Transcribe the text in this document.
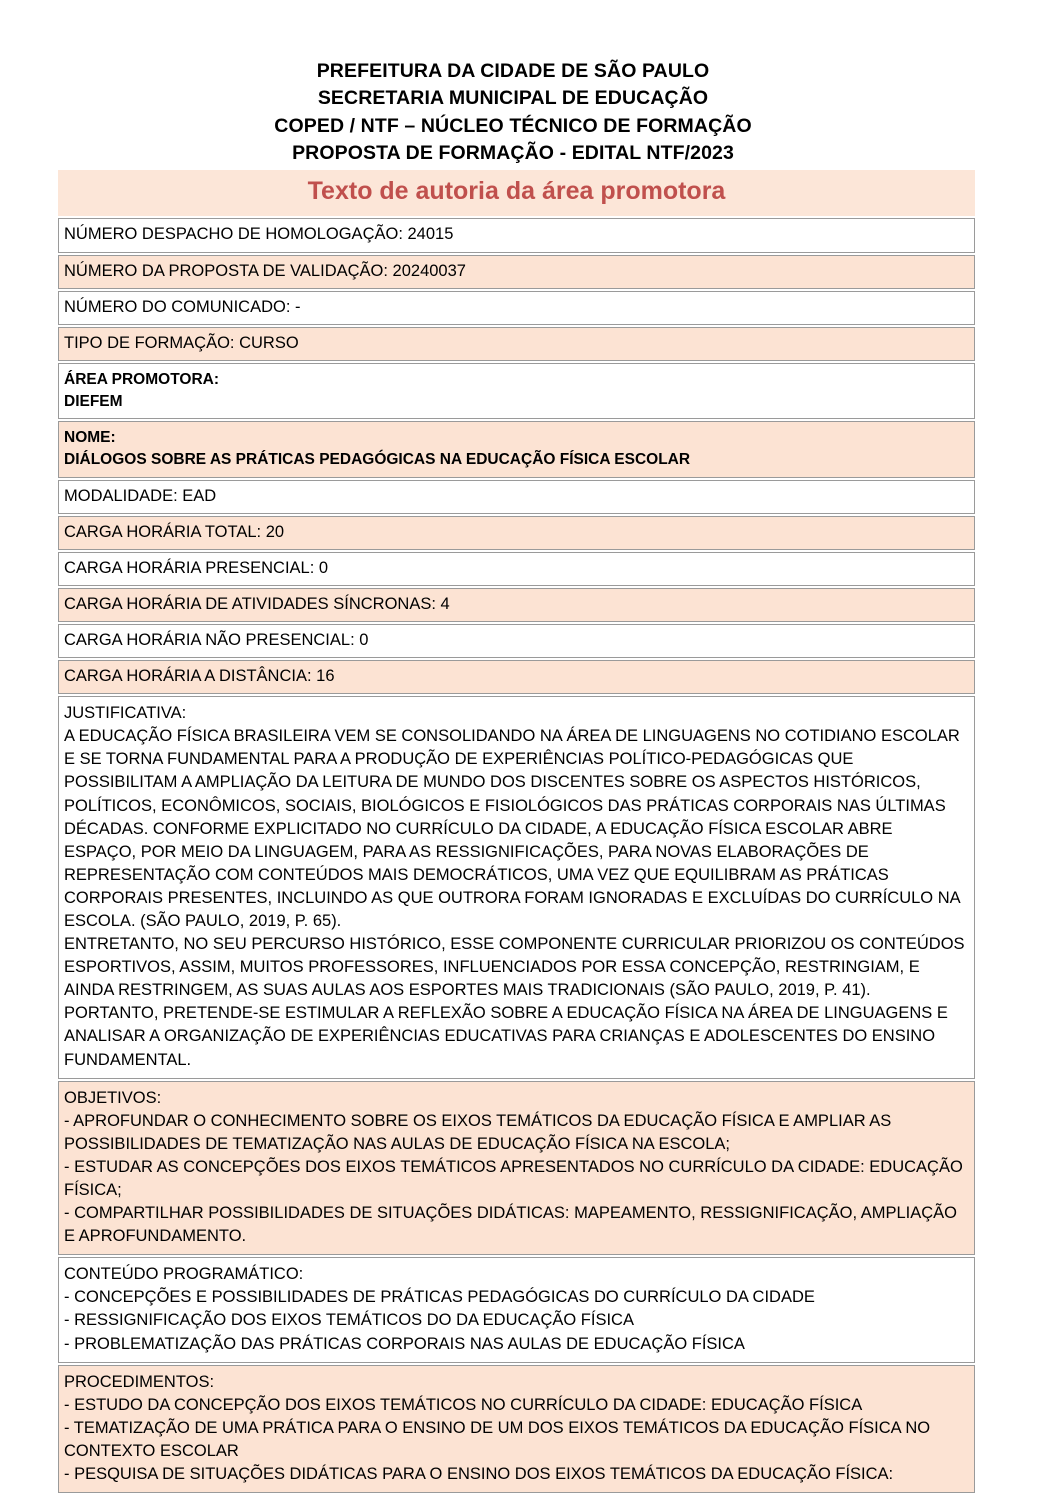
PREFEITURA DA CIDADE DE SÃO PAULO
SECRETARIA MUNICIPAL DE EDUCAÇÃO
COPED / NTF – NÚCLEO TÉCNICO DE FORMAÇÃO
PROPOSTA DE FORMAÇÃO - EDITAL NTF/2023
Texto de autoria da área promotora
NÚMERO DESPACHO DE HOMOLOGAÇÃO: 24015

NÚMERO DA PROPOSTA DE VALIDAÇÃO: 20240037

NÚMERO DO COMUNICADO: -

TIPO DE FORMAÇÃO: CURSO

ÁREA PROMOTORA:
DIEFEM

NOME:
DIÁLOGOS SOBRE AS PRÁTICAS PEDAGÓGICAS NA EDUCAÇÃO FÍSICA ESCOLAR

MODALIDADE: EAD

CARGA HORÁRIA TOTAL: 20

CARGA HORÁRIA PRESENCIAL: 0

CARGA HORÁRIA DE ATIVIDADES SÍNCRONAS: 4

CARGA HORÁRIA NÃO PRESENCIAL: 0

CARGA HORÁRIA A DISTÂNCIA: 16

JUSTIFICATIVA:
A EDUCAÇÃO FÍSICA BRASILEIRA VEM SE CONSOLIDANDO NA ÁREA DE LINGUAGENS NO COTIDIANO ESCOLAR E SE TORNA FUNDAMENTAL PARA A PRODUÇÃO DE EXPERIÊNCIAS POLÍTICO-PEDAGÓGICAS QUE POSSIBILITAM A AMPLIAÇÃO DA LEITURA DE MUNDO DOS DISCENTES SOBRE OS ASPECTOS HISTÓRICOS, POLÍTICOS, ECONÔMICOS, SOCIAIS, BIOLÓGICOS E FISIOLÓGICOS DAS PRÁTICAS CORPORAIS NAS ÚLTIMAS DÉCADAS. CONFORME EXPLICITADO NO CURRÍCULO DA CIDADE, A EDUCAÇÃO FÍSICA ESCOLAR ABRE ESPAÇO, POR MEIO DA LINGUAGEM, PARA AS RESSIGNIFICAÇÕES, PARA NOVAS ELABORAÇÕES DE REPRESENTAÇÃO COM CONTEÚDOS MAIS DEMOCRÁTICOS, UMA VEZ QUE EQUILIBRAM AS PRÁTICAS CORPORAIS PRESENTES, INCLUINDO AS QUE OUTRORA FORAM IGNORADAS E EXCLUÍDAS DO CURRÍCULO NA ESCOLA. (SÃO PAULO, 2019, P. 65).
ENTRETANTO, NO SEU PERCURSO HISTÓRICO, ESSE COMPONENTE CURRICULAR PRIORIZOU OS CONTEÚDOS ESPORTIVOS, ASSIM, MUITOS PROFESSORES, INFLUENCIADOS POR ESSA CONCEPÇÃO, RESTRINGIAM, E AINDA RESTRINGEM, AS SUAS AULAS AOS ESPORTES MAIS TRADICIONAIS (SÃO PAULO, 2019, P. 41). PORTANTO, PRETENDE-SE ESTIMULAR A REFLEXÃO SOBRE A EDUCAÇÃO FÍSICA NA ÁREA DE LINGUAGENS E ANALISAR A ORGANIZAÇÃO DE EXPERIÊNCIAS EDUCATIVAS PARA CRIANÇAS E ADOLESCENTES DO ENSINO FUNDAMENTAL.

OBJETIVOS:
- APROFUNDAR O CONHECIMENTO SOBRE OS EIXOS TEMÁTICOS DA EDUCAÇÃO FÍSICA E AMPLIAR AS POSSIBILIDADES DE TEMATIZAÇÃO NAS AULAS DE EDUCAÇÃO FÍSICA NA ESCOLA;
- ESTUDAR AS CONCEPÇÕES DOS EIXOS TEMÁTICOS APRESENTADOS NO CURRÍCULO DA CIDADE: EDUCAÇÃO FÍSICA;
- COMPARTILHAR POSSIBILIDADES DE SITUAÇÕES DIDÁTICAS: MAPEAMENTO, RESSIGNIFICAÇÃO, AMPLIAÇÃO E APROFUNDAMENTO.

CONTEÚDO PROGRAMÁTICO:
- CONCEPÇÕES E POSSIBILIDADES DE PRÁTICAS PEDAGÓGICAS DO CURRÍCULO DA CIDADE
- RESSIGNIFICAÇÃO DOS EIXOS TEMÁTICOS DO DA EDUCAÇÃO FÍSICA
- PROBLEMATIZAÇÃO DAS PRÁTICAS CORPORAIS NAS AULAS DE EDUCAÇÃO FÍSICA

PROCEDIMENTOS:
- ESTUDO DA CONCEPÇÃO DOS EIXOS TEMÁTICOS NO CURRÍCULO DA CIDADE: EDUCAÇÃO FÍSICA
- TEMATIZAÇÃO DE UMA PRÁTICA PARA O ENSINO DE UM DOS EIXOS TEMÁTICOS DA EDUCAÇÃO FÍSICA NO CONTEXTO ESCOLAR
- PESQUISA DE SITUAÇÕES DIDÁTICAS PARA O ENSINO DOS EIXOS TEMÁTICOS DA EDUCAÇÃO FÍSICA:
